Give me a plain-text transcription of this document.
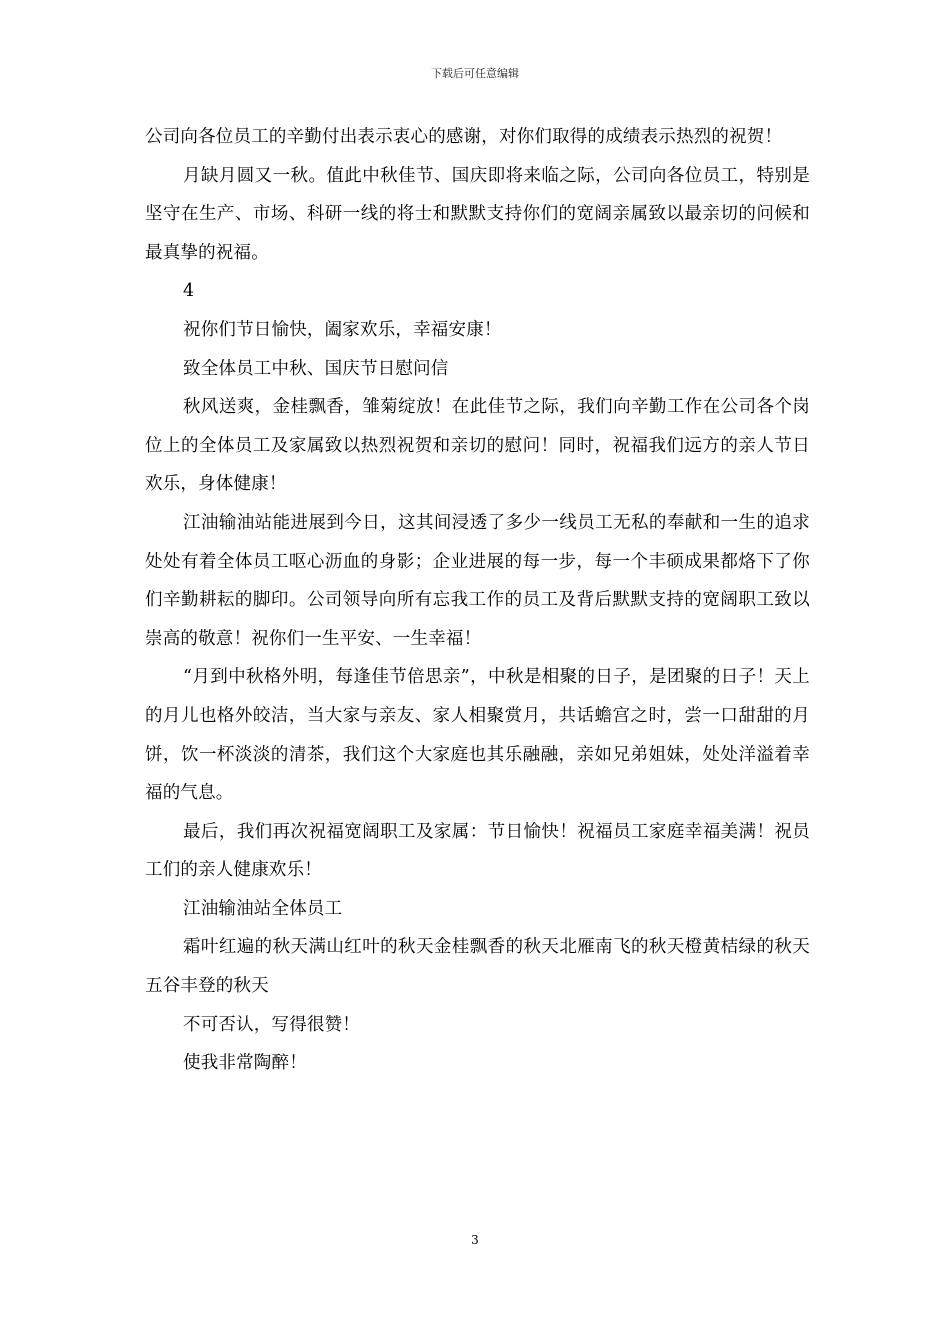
下载后可任意编辑

公司向各位员工的辛勤付出表示衷心的感谢，对你们取得的成绩表示热烈的祝贺！

月缺月圆又一秋。值此中秋佳节、国庆即将来临之际，公司向各位员工，特别是坚守在生产、市场、科研一线的将士和默默支持你们的宽阔亲属致以最亲切的问候和最真挚的祝福。

4

祝你们节日愉快，阖家欢乐，幸福安康！

致全体员工中秋、国庆节日慰问信

秋风送爽，金桂飘香，雏菊绽放！在此佳节之际，我们向辛勤工作在公司各个岗位上的全体员工及家属致以热烈祝贺和亲切的慰问！同时，祝福我们远方的亲人节日欢乐，身体健康！

江油输油站能进展到今日，这其间浸透了多少一线员工无私的奉献和一生的追求处处有着全体员工呕心沥血的身影；企业进展的每一步，每一个丰硕成果都烙下了你们辛勤耕耘的脚印。公司领导向所有忘我工作的员工及背后默默支持的宽阔职工致以崇高的敬意！祝你们一生平安、一生幸福！

“月到中秋格外明，每逢佳节倍思亲”，中秋是相聚的日子，是团聚的日子！天上的月儿也格外皎洁，当大家与亲友、家人相聚赏月，共话蟾宫之时，尝一口甜甜的月饼，饮一杯淡淡的清茶，我们这个大家庭也其乐融融，亲如兄弟姐妹，处处洋溢着幸福的气息。

最后，我们再次祝福宽阔职工及家属：节日愉快！祝福员工家庭幸福美满！祝员工们的亲人健康欢乐！

江油输油站全体员工

霜叶红遍的秋天满山红叶的秋天金桂飘香的秋天北雁南飞的秋天橙黄桔绿的秋天五谷丰登的秋天

不可否认，写得很赞！

使我非常陶醉！

3
